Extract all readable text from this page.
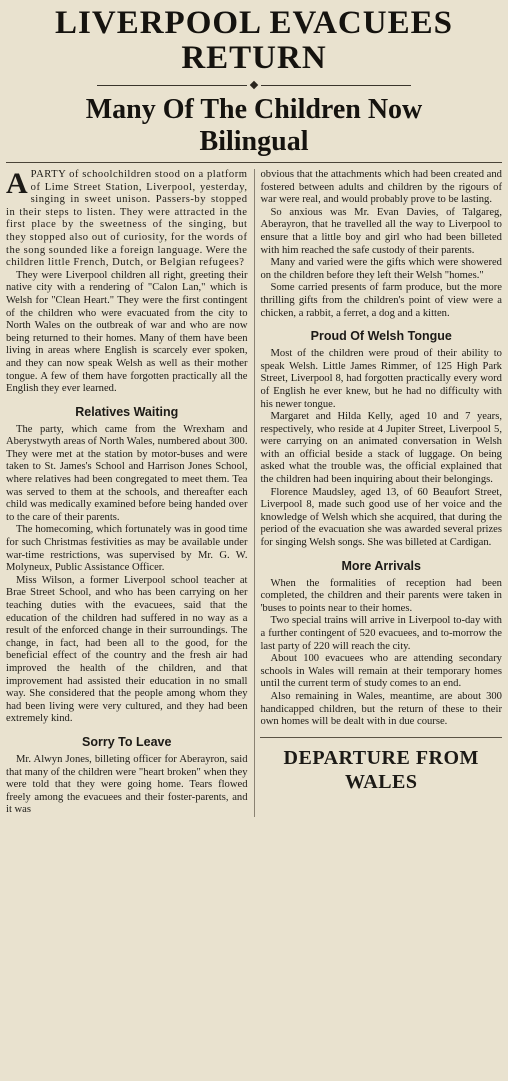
LIVERPOOL EVACUEES
RETURN
Many Of The Children Now
Bilingual

APARTY of schoolchildren stood on a platform of Lime Street Station, Liverpool, yesterday, singing in sweet unison. Passers-by stopped in their steps to listen. They were attracted in the first place by the sweetness of the singing, but they stopped also out of curiosity, for the words of the song sounded like a foreign language. Were the children little French, Dutch, or Belgian refugees?

They were Liverpool children all right, greeting their native city with a rendering of "Calon Lan," which is Welsh for "Clean Heart." They were the first contingent of the children who were evacuated from the city to North Wales on the outbreak of war and who are now being returned to their homes. Many of them have been living in areas where English is scarcely ever spoken, and they can now speak Welsh as well as their mother tongue. A few of them have forgotten practically all the English they ever learned.

Relatives Waiting

The party, which came from the Wrexham and Aberystwyth areas of North Wales, numbered about 300. They were met at the station by motor-buses and were taken to St. James's School and Harrison Jones School, where relatives had been congregated to meet them. Tea was served to them at the schools, and thereafter each child was medically examined before being handed over to the care of their parents.

The homecoming, which fortunately was in good time for such Christmas festivities as may be available under war-time restrictions, was supervised by Mr. G. W. Molyneux, Public Assistance Officer.

Miss Wilson, a former Liverpool school teacher at Brae Street School, and who has been carrying on her teaching duties with the evacuees, said that the education of the children had suffered in no way as a result of the enforced change in their surroundings. The change, in fact, had been all to the good, for the beneficial effect of the country and the fresh air had improved the health of the children, and that improvement had assisted their education in no small way. She considered that the people among whom they had been living were very cultured, and they had been extremely kind.

Sorry To Leave

Mr. Alwyn Jones, billeting officer for Aberayron, said that many of the children were "heart broken" when they were told that they were going home. Tears flowed freely among the evacuees and their foster-parents, and it was

obvious that the attachments which had been created and fostered between adults and children by the rigours of war were real, and would probably prove to be lasting.

So anxious was Mr. Evan Davies, of Talgareg, Aberayron, that he travelled all the way to Liverpool to ensure that a little boy and girl who had been billeted with him reached the safe custody of their parents.

Many and varied were the gifts which were showered on the children before they left their Welsh "homes."

Some carried presents of farm produce, but the more thrilling gifts from the children's point of view were a chicken, a rabbit, a ferret, a dog and a kitten.

Proud Of Welsh Tongue

Most of the children were proud of their ability to speak Welsh. Little James Rimmer, of 125 High Park Street, Liverpool 8, had forgotten practically every word of English he ever knew, but he had no difficulty with his newer tongue.

Margaret and Hilda Kelly, aged 10 and 7 years, respectively, who reside at 4 Jupiter Street, Liverpool 5, were carrying on an animated conversation in Welsh with an official beside a stack of luggage. On being asked what the trouble was, the official explained that the children had been inquiring about their belongings.

Florence Maudsley, aged 13, of 60 Beaufort Street, Liverpool 8, made such good use of her voice and the knowledge of Welsh which she acquired, that during the period of the evacuation she was awarded several prizes for singing Welsh songs. She was billeted at Cardigan.

More Arrivals

When the formalities of reception had been completed, the children and their parents were taken in 'buses to points near to their homes.

Two special trains will arrive in Liverpool to-day with a further contingent of 520 evacuees, and to-morrow the last party of 220 will reach the city.

About 100 evacuees who are attending secondary schools in Wales will remain at their temporary homes until the current term of study comes to an end.

Also remaining in Wales, meantime, are about 300 handicapped children, but the return of these to their own homes will be dealt with in due course.

DEPARTURE FROM
WALES
